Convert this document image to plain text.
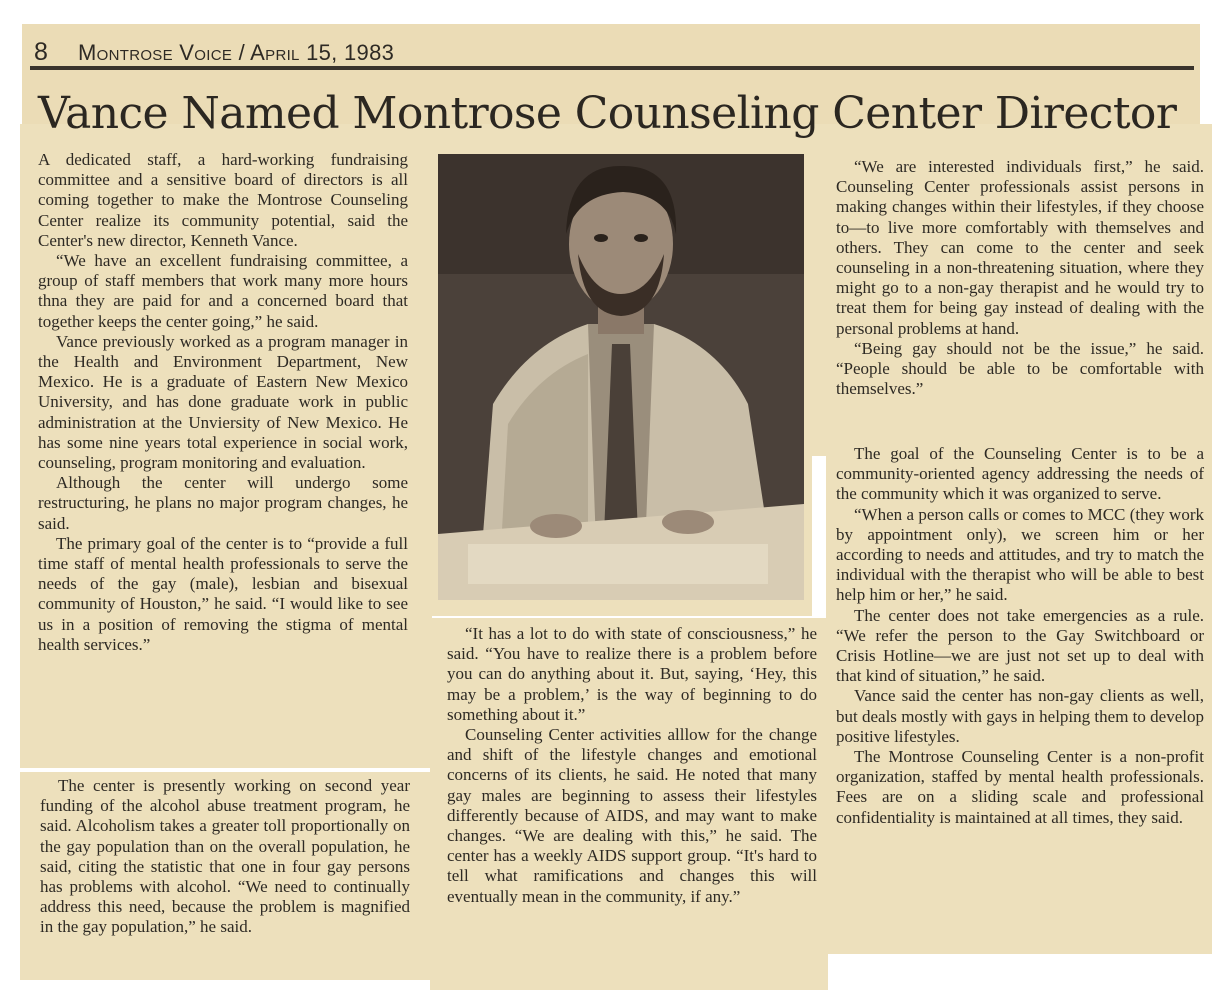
8 Montrose Voice / April 15, 1983
Vance Named Montrose Counseling Center Director

A dedicated staff, a hard-working fundraising committee and a sensitive board of directors is all coming together to make the Montrose Counseling Center realize its community potential, said the Center's new director, Kenneth Vance.

“We have an excellent fundraising committee, a group of staff members that work many more hours thna they are paid for and a concerned board that together keeps the center going,” he said.

Vance previously worked as a program manager in the Health and Environment Department, New Mexico. He is a graduate of Eastern New Mexico University, and has done graduate work in public administration at the Unviersity of New Mexico. He has some nine years total experience in social work, counseling, program monitoring and evaluation.

Although the center will undergo some restructuring, he plans no major program changes, he said.

The primary goal of the center is to “provide a full time staff of mental health professionals to serve the needs of the gay (male), lesbian and bisexual community of Houston,” he said. “I would like to see us in a position of removing the stigma of mental health services.”

The center is presently working on second year funding of the alcohol abuse treatment program, he said. Alcoholism takes a greater toll proportionally on the gay population than on the overall population, he said, citing the statistic that one in four gay persons has problems with alcohol. “We need to continually address this need, because the problem is magnified in the gay population,” he said.

“It has a lot to do with state of consciousness,” he said. “You have to realize there is a problem before you can do anything about it. But, saying, ‘Hey, this may be a problem,’ is the way of beginning to do something about it.”

Counseling Center activities alllow for the change and shift of the lifestyle changes and emotional concerns of its clients, he said. He noted that many gay males are beginning to assess their lifestyles differently because of AIDS, and may want to make changes. “We are dealing with this,” he said. The center has a weekly AIDS support group. “It's hard to tell what ramifications and changes this will eventually mean in the community, if any.”

“We are interested individuals first,” he said. Counseling Center professionals assist persons in making changes within their lifestyles, if they choose to—to live more comfortably with themselves and others. They can come to the center and seek counseling in a non-threatening situation, where they might go to a non-gay therapist and he would try to treat them for being gay instead of dealing with the personal problems at hand.

“Being gay should not be the issue,” he said. “People should be able to be comfortable with themselves.”

The goal of the Counseling Center is to be a community-oriented agency addressing the needs of the community which it was organized to serve.

“When a person calls or comes to MCC (they work by appointment only), we screen him or her according to needs and attitudes, and try to match the individual with the therapist who will be able to best help him or her,” he said.

The center does not take emergencies as a rule. “We refer the person to the Gay Switchboard or Crisis Hotline—we are just not set up to deal with that kind of situation,” he said.

Vance said the center has non-gay clients as well, but deals mostly with gays in helping them to develop positive lifestyles.

The Montrose Counseling Center is a non-profit organization, staffed by mental health professionals. Fees are on a sliding scale and professional confidentiality is maintained at all times, they said.
